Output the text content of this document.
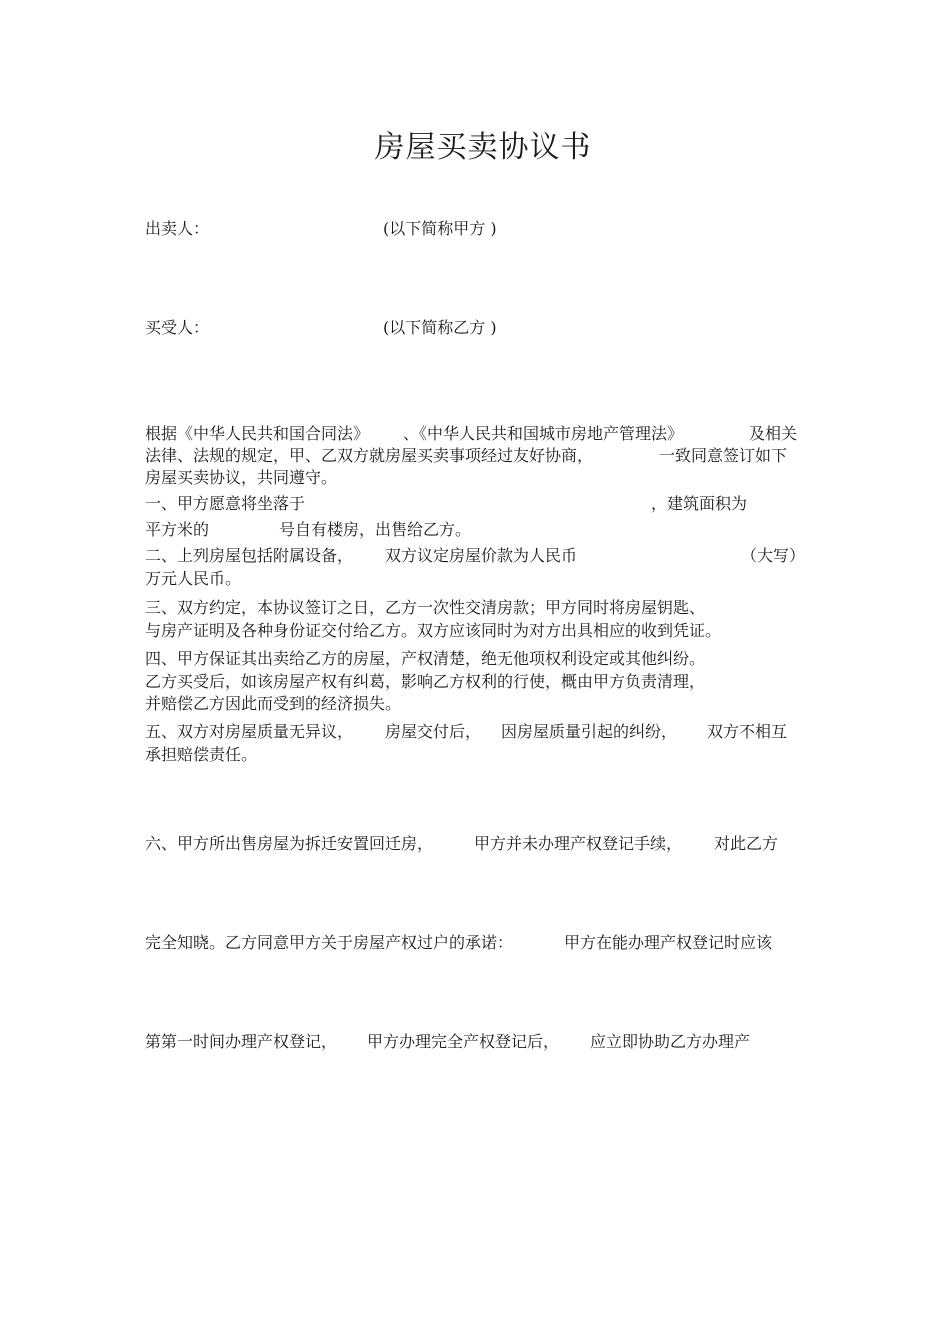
房屋买卖协议书
出卖人：	(以下简称甲方 )
买受人：	(以下简称乙方 )
根据《中华人民共和国合同法》 、《中华人民共和国城市房地产管理法》	及相关
法律、法规的规定，甲、乙双方就房屋买卖事项经过友好协商，	一致同意签订如下
房屋买卖协议，共同遵守。
一、甲方愿意将坐落于	，建筑面积为
平方米的	号自有楼房，出售给乙方。
二、上列房屋包括附属设备， 双方议定房屋价款为人民币	（大写）
万元人民币。
三、双方约定，本协议签订之日，乙方一次性交清房款；甲方同时将房屋钥匙、
与房产证明及各种身份证交付给乙方。双方应该同时为对方出具相应的收到凭证。
四、甲方保证其出卖给乙方的房屋，产权清楚，绝无他项权利设定或其他纠纷。
乙方买受后，如该房屋产权有纠葛，影响乙方权利的行使，概由甲方负责清理，
并赔偿乙方因此而受到的经济损失。
五、双方对房屋质量无异议， 房屋交付后， 因房屋质量引起的纠纷， 双方不相互
承担赔偿责任。
六、甲方所出售房屋为拆迁安置回迁房，	甲方并未办理产权登记手续， 对此乙方
完全知晓。乙方同意甲方关于房屋产权过户的承诺：	甲方在能办理产权登记时应该
第第一时间办理产权登记， 甲方办理完全产权登记后， 应立即协助乙方办理产
